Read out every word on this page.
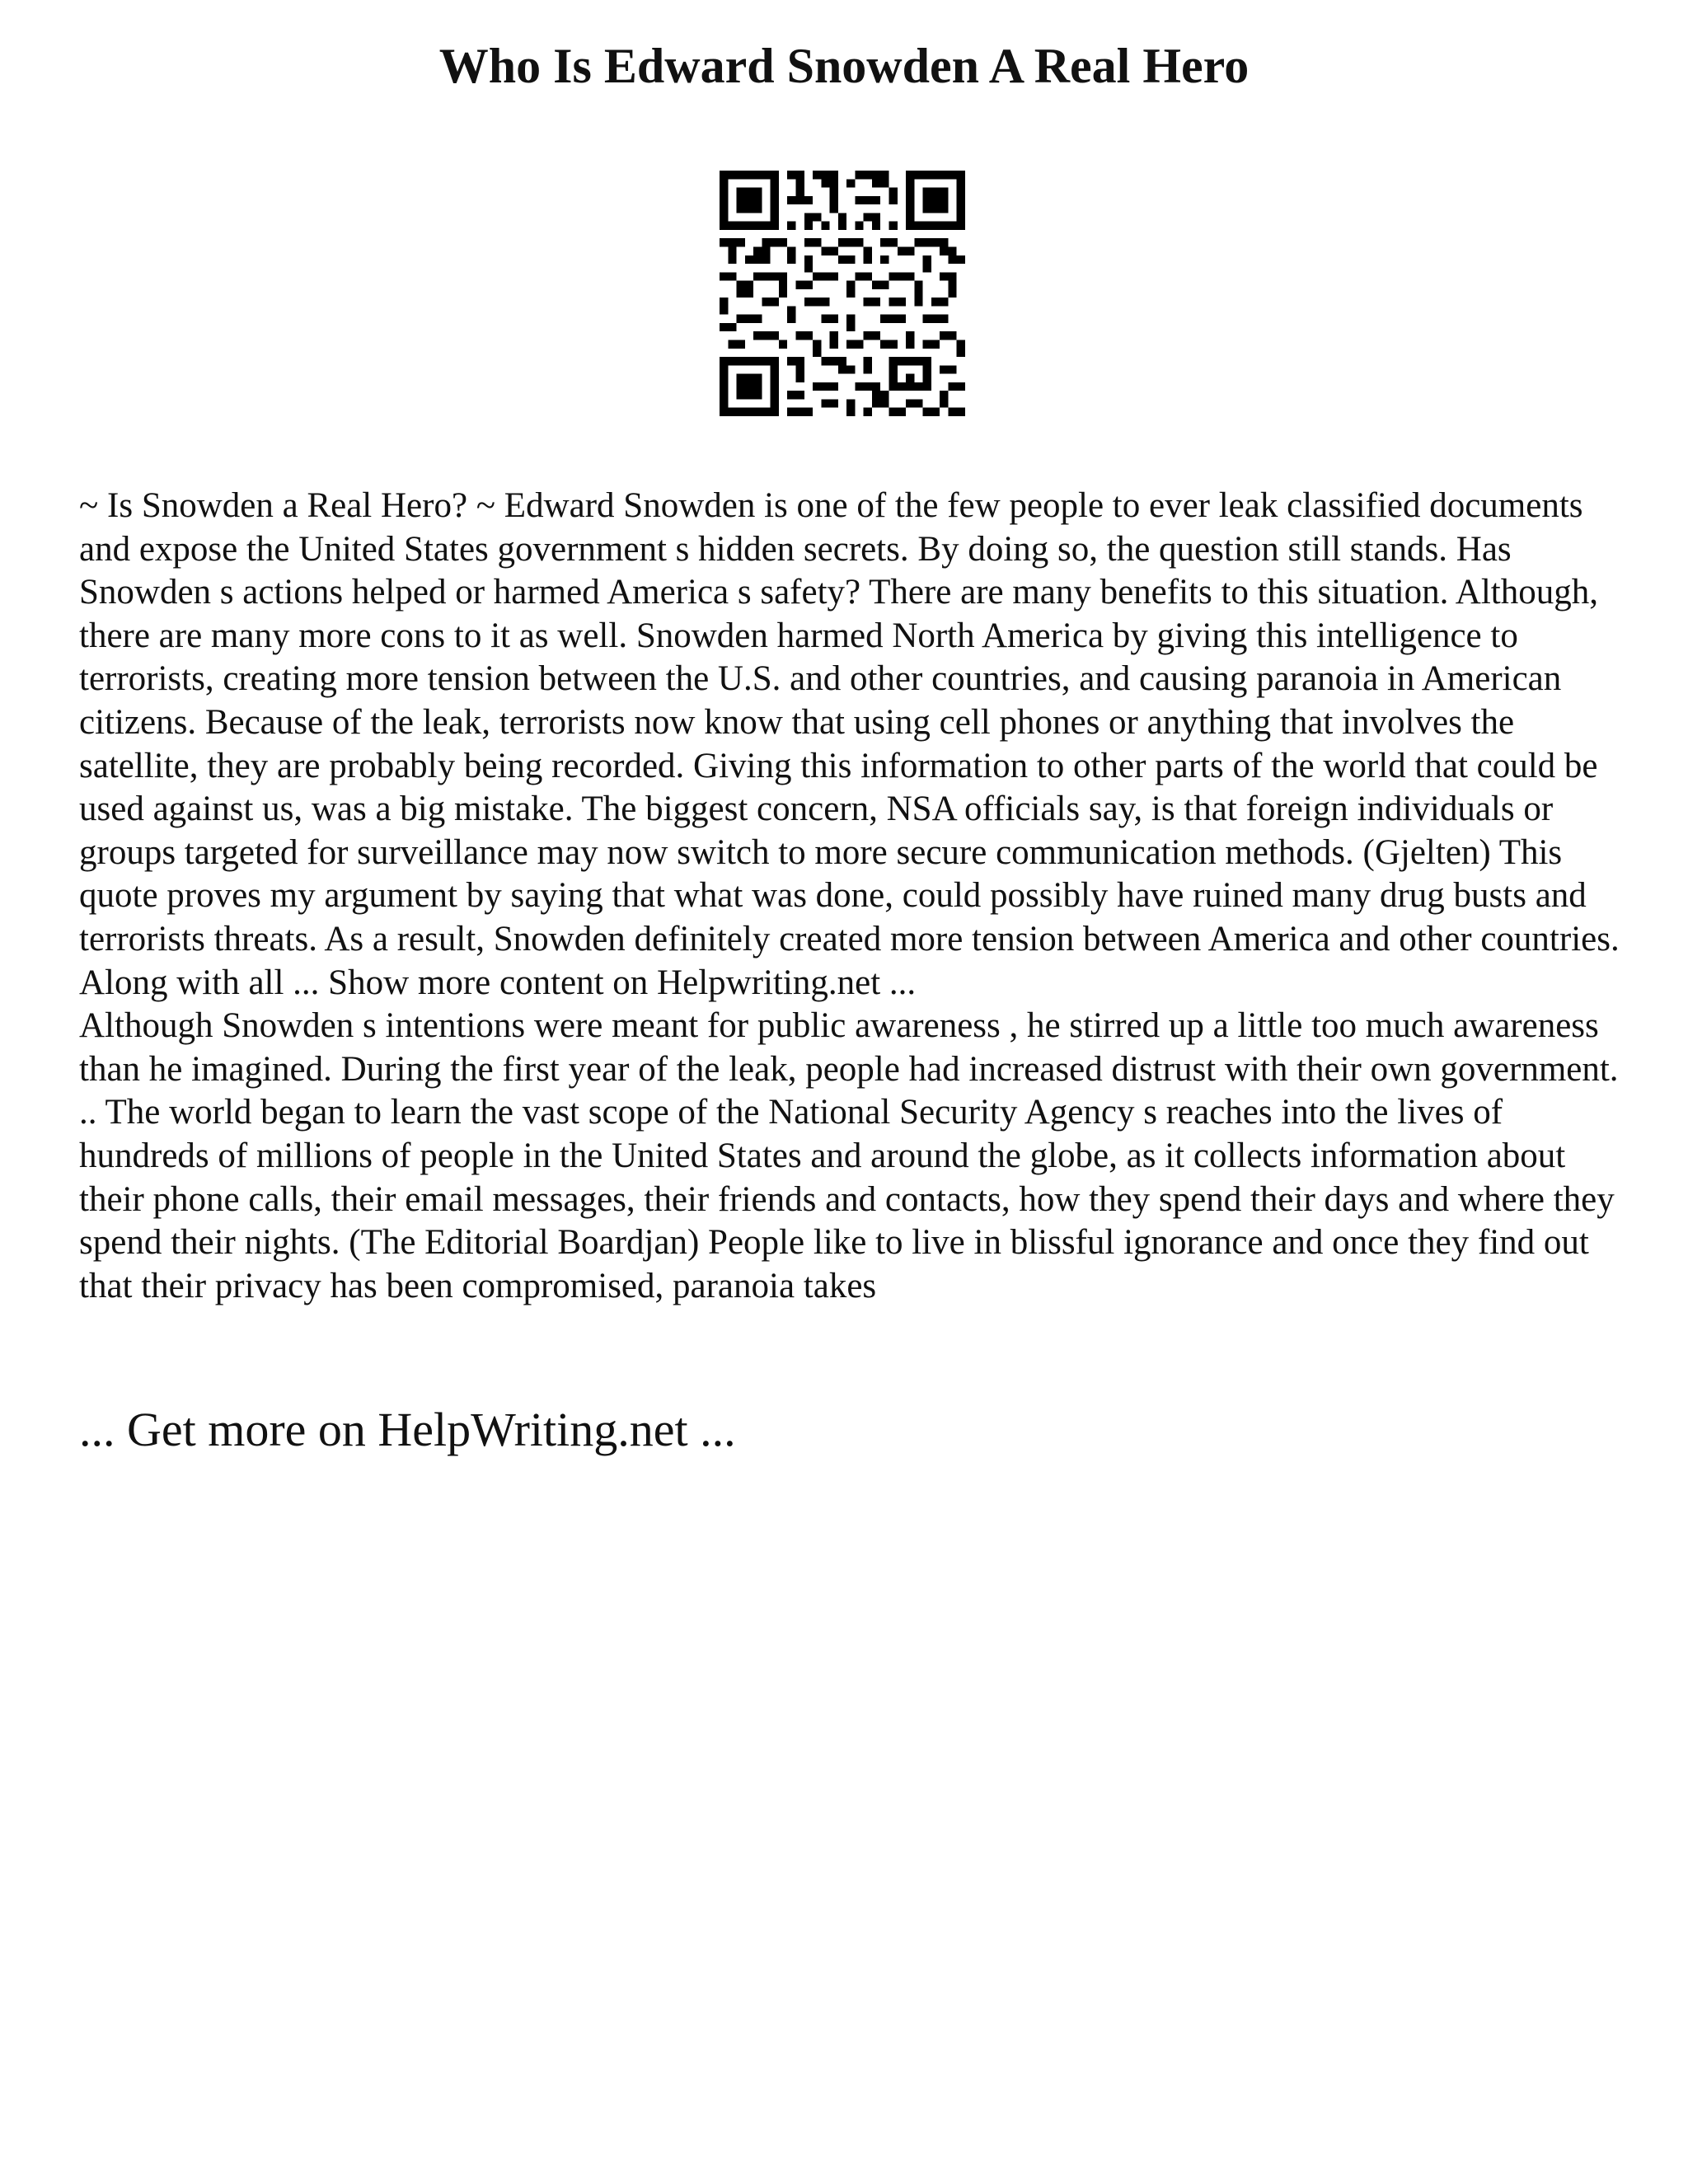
Who Is Edward Snowden A Real Hero

~ Is Snowden a Real Hero? ~ Edward Snowden is one of the few people to ever leak classified documents and expose the United States government s hidden secrets. By doing so, the question still stands. Has Snowden s actions helped or harmed America s safety? There are many benefits to this situation. Although, there are many more cons to it as well. Snowden harmed North America by giving this intelligence to terrorists, creating more tension between the U.S. and other countries, and causing paranoia in American citizens. Because of the leak, terrorists now know that using cell phones or anything that involves the satellite, they are probably being recorded. Giving this information to other parts of the world that could be used against us, was a big mistake. The biggest concern, NSA officials say, is that foreign individuals or groups targeted for surveillance may now switch to more secure communication methods. (Gjelten) This quote proves my argument by saying that what was done, could possibly have ruined many drug busts and terrorists threats. As a result, Snowden definitely created more tension between America and other countries. Along with all ... Show more content on Helpwriting.net ...

Although Snowden s intentions were meant for public awareness , he stirred up a little too much awareness than he imagined. During the first year of the leak, people had increased distrust with their own government. .. The world began to learn the vast scope of the National Security Agency s reaches into the lives of hundreds of millions of people in the United States and around the globe, as it collects information about their phone calls, their email messages, their friends and contacts, how they spend their days and where they spend their nights. (The Editorial Boardjan) People like to live in blissful ignorance and once they find out that their privacy has been compromised, paranoia takes

... Get more on HelpWriting.net ...
